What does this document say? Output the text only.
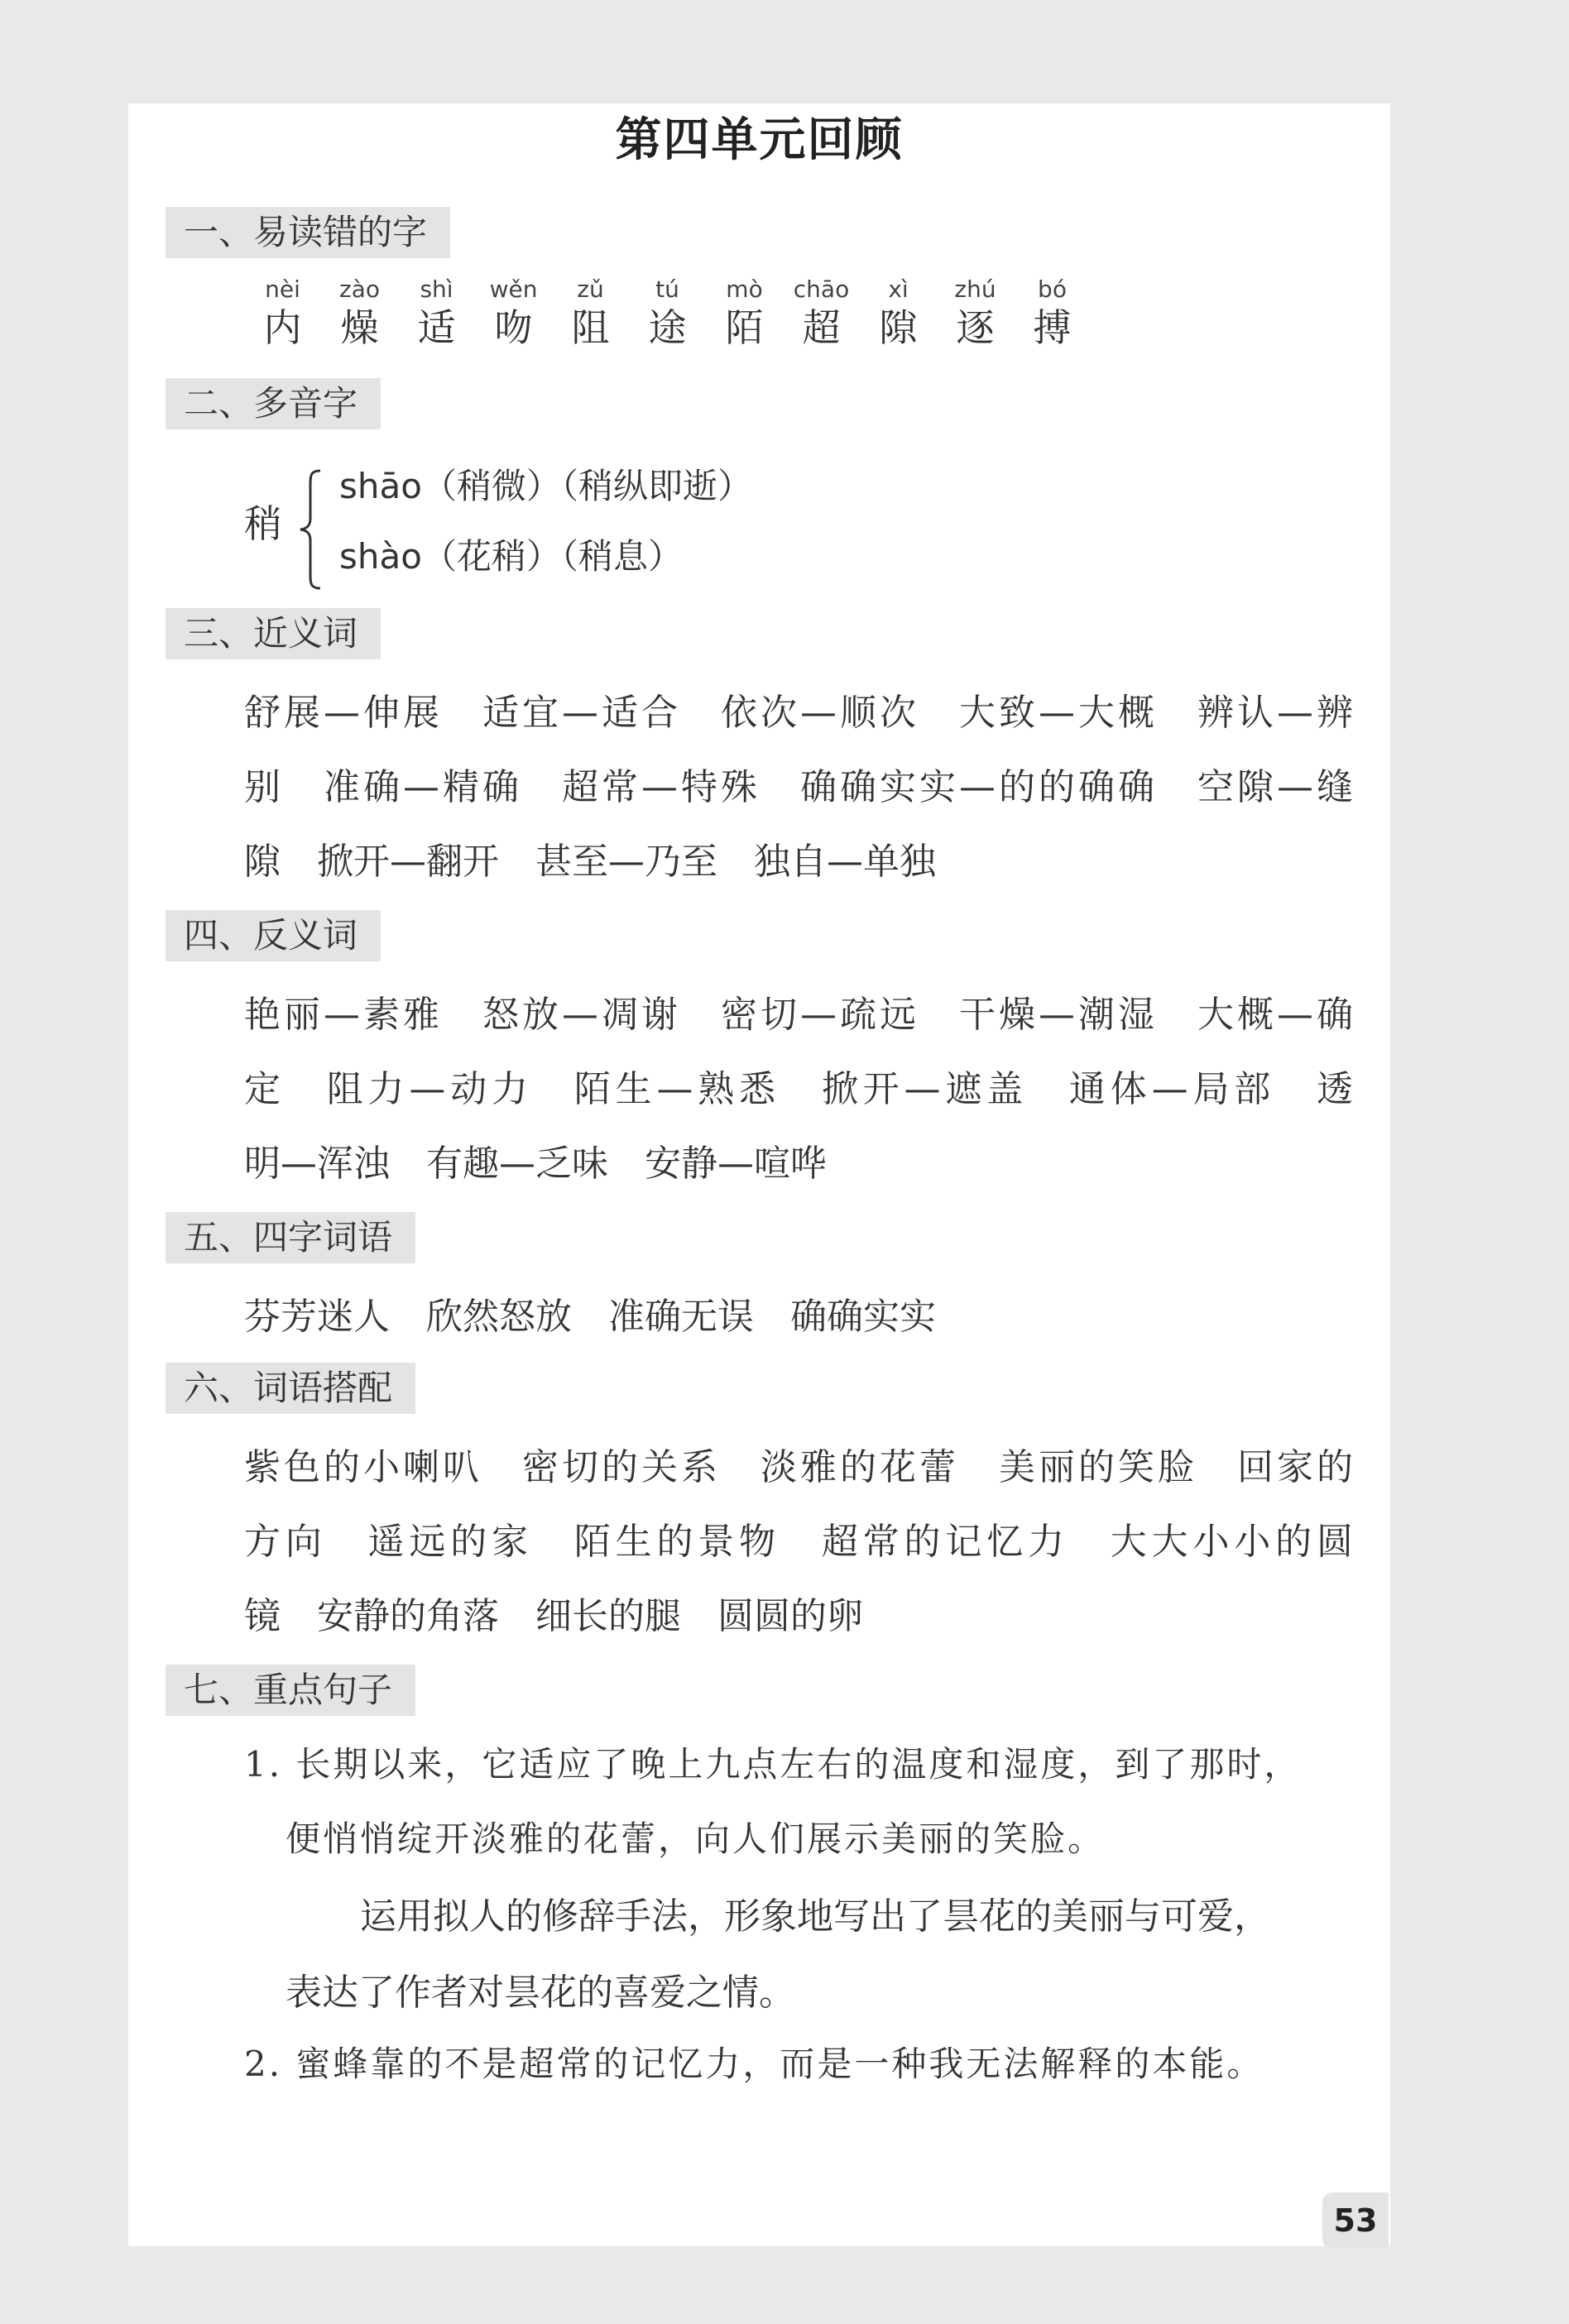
第四单元回顾
一、易读错的字
nèi
内
zào
燥
shì
适
wěn
吻
zǔ
阻
tú
途
mò
陌
chāo
超
xì
隙
zhú
逐
bó
搏
二、多音字
稍
shāo（稍微）（稍纵即逝）
shào（花稍）（稍息）
三、近义词
舒展—伸展　适宜—适合　依次—顺次　大致—大概　辨认—辨
别　准确—精确　超常—特殊　确确实实—的的确确　空隙—缝
隙　掀开—翻开　甚至—乃至　独自—单独
四、反义词
艳丽—素雅　怒放—凋谢　密切—疏远　干燥—潮湿　大概—确
定　阻力—动力　陌生—熟悉　掀开—遮盖　通体—局部　透
明—浑浊　有趣—乏味　安静—喧哗
五、四字词语
芬芳迷人　欣然怒放　准确无误　确确实实
六、词语搭配
紫色的小喇叭　密切的关系　淡雅的花蕾　美丽的笑脸　回家的
方向　遥远的家　陌生的景物　超常的记忆力　大大小小的圆
镜　安静的角落　细长的腿　圆圆的卵
七、重点句子
1. 长期以来，它适应了晚上九点左右的温度和湿度，到了那时，
便悄悄绽开淡雅的花蕾，向人们展示美丽的笑脸。
运用拟人的修辞手法，形象地写出了昙花的美丽与可爱，
表达了作者对昙花的喜爱之情。
2. 蜜蜂靠的不是超常的记忆力，而是一种我无法解释的本能。
53
